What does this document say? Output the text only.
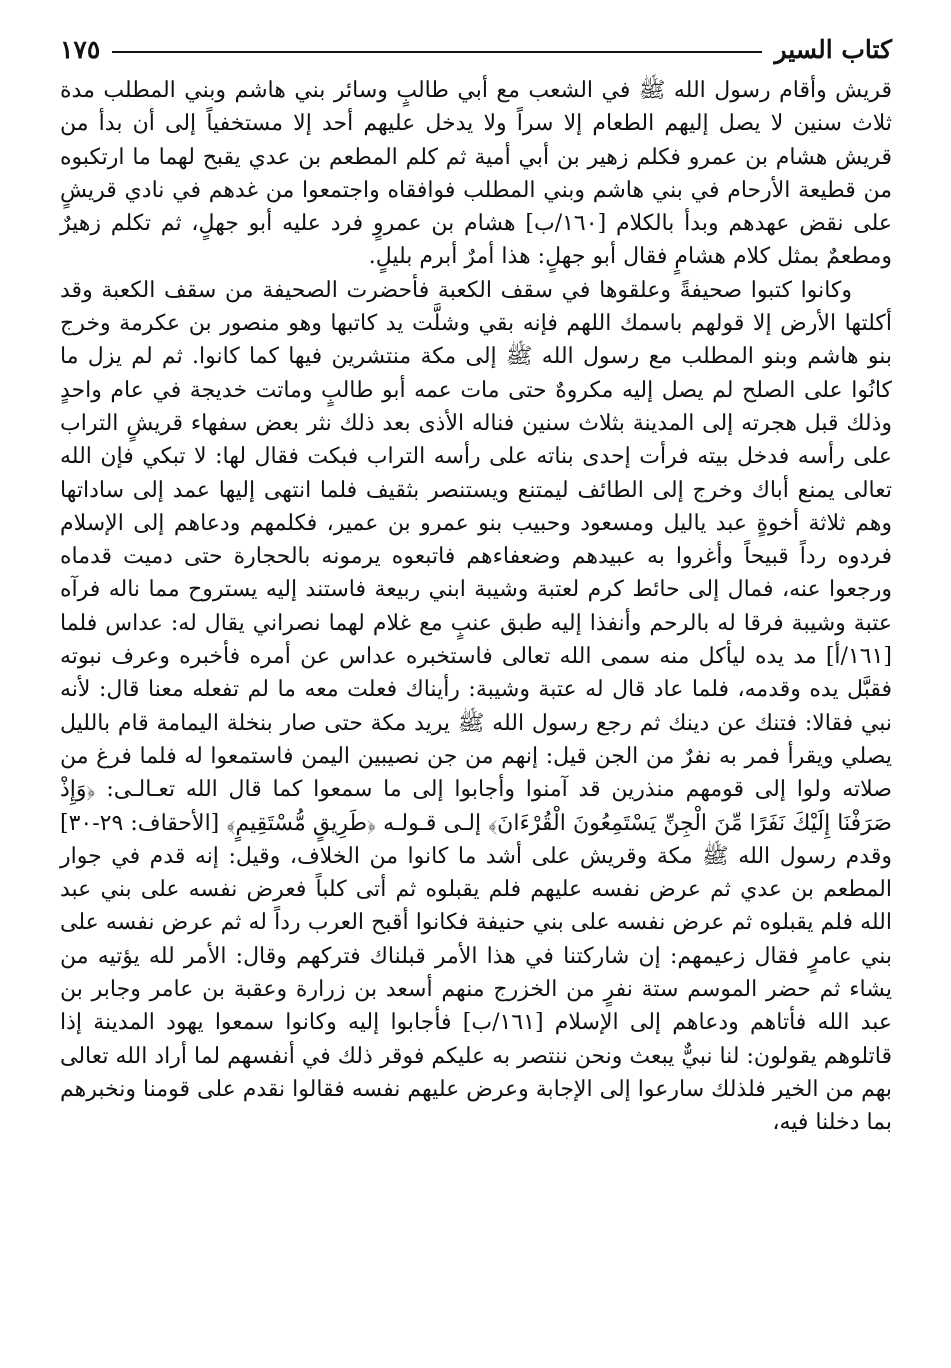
كتاب السير
١٧٥

قريش وأقام رسول الله ﷺ في الشعب مع أبي طالبٍ وسائر بني هاشم وبني المطلب مدة ثلاث سنين لا يصل إليهم الطعام إلا سراً ولا يدخل عليهم أحد إلا مستخفياً إلى أن بدأ من قريش هشام بن عمرو فكلم زهير بن أبي أمية ثم كلم المطعم بن عدي يقبح لهما ما ارتكبوه من قطيعة الأرحام في بني هاشم وبني المطلب فوافقاه واجتمعوا من غدهم في نادي قريشٍ على نقض عهدهم وبدأ بالكلام [١٦٠/ب] هشام بن عمروٍ فرد عليه أبو جهلٍ، ثم تكلم زهيرٌ ومطعمٌ بمثل كلام هشامٍ فقال أبو جهلٍ: هذا أمرٌ أبرم بليلٍ.

وكانوا كتبوا صحيفةً وعلقوها في سقف الكعبة فأحضرت الصحيفة من سقف الكعبة وقد أكلتها الأرض إلا قولهم باسمك اللهم فإنه بقي وشلَّت يد كاتبها وهو منصور بن عكرمة وخرج بنو هاشم وبنو المطلب مع رسول الله ﷺ إلى مكة منتشرين فيها كما كانوا. ثم لم يزل ما كانُوا على الصلح لم يصل إليه مكروهٌ حتى مات عمه أبو طالبٍ وماتت خديجة في عام واحدٍ وذلك قبل هجرته إلى المدينة بثلاث سنين فناله الأذى بعد ذلك نثر بعض سفهاء قريشٍ التراب على رأسه فدخل بيته فرأت إحدى بناته على رأسه التراب فبكت فقال لها: لا تبكي فإن الله تعالى يمنع أباك وخرج إلى الطائف ليمتنع ويستنصر بثقيف فلما انتهى إليها عمد إلى ساداتها وهم ثلاثة أخوةٍ عبد ياليل ومسعود وحبيب بنو عمرو بن عمير، فكلمهم ودعاهم إلى الإسلام فردوه رداً قبيحاً وأغروا به عبيدهم وضعفاءهم فاتبعوه يرمونه بالحجارة حتى دميت قدماه ورجعوا عنه، فمال إلى حائط كرم لعتبة وشيبة ابني ربيعة فاستند إليه يستروح مما ناله فرآه عتبة وشيبة فرقا له بالرحم وأنفذا إليه طبق عنبٍ مع غلام لهما نصراني يقال له: عداس فلما [١٦١/أ] مد يده ليأكل منه سمى الله تعالى فاستخبره عداس عن أمره فأخبره وعرف نبوته فقبَّل يده وقدمه، فلما عاد قال له عتبة وشيبة: رأيناك فعلت معه ما لم تفعله معنا قال: لأنه نبي فقالا: فتنك عن دينك ثم رجع رسول الله ﷺ يريد مكة حتى صار بنخلة اليمامة قام بالليل يصلي ويقرأ فمر به نفرٌ من الجن قيل: إنهم من جن نصيبين اليمن فاستمعوا له فلما فرغ من صلاته ولوا إلى قومهم منذرين قد آمنوا وأجابوا إلى ما سمعوا كما قال الله تعـالـى: ﴿وَإِذْ صَرَفْنَا إِلَيْكَ نَفَرًا مِّنَ الْجِنِّ يَسْتَمِعُونَ الْقُرْءَانَ﴾ إلـى قـولـه ﴿طَرِيقٍ مُّسْتَقِيمٍ﴾ [الأحقاف: ٢٩-٣٠] وقدم رسول الله ﷺ مكة وقريش على أشد ما كانوا من الخلاف، وقيل: إنه قدم في جوار المطعم بن عدي ثم عرض نفسه عليهم فلم يقبلوه ثم أتى كلباً فعرض نفسه على بني عبد الله فلم يقبلوه ثم عرض نفسه على بني حنيفة فكانوا أقبح العرب رداً له ثم عرض نفسه على بني عامرٍ فقال زعيمهم: إن شاركتنا في هذا الأمر قبلناك فتركهم وقال: الأمر لله يؤتيه من يشاء ثم حضر الموسم ستة نفرٍ من الخزرج منهم أسعد بن زرارة وعقبة بن عامر وجابر بن عبد الله فأتاهم ودعاهم إلى الإسلام [١٦١/ب] فأجابوا إليه وكانوا سمعوا يهود المدينة إذا قاتلوهم يقولون: لنا نبيٌّ يبعث ونحن ننتصر به عليكم فوقر ذلك في أنفسهم لما أراد الله تعالى بهم من الخير فلذلك سارعوا إلى الإجابة وعرض عليهم نفسه فقالوا نقدم على قومنا ونخبرهم بما دخلنا فيه،
